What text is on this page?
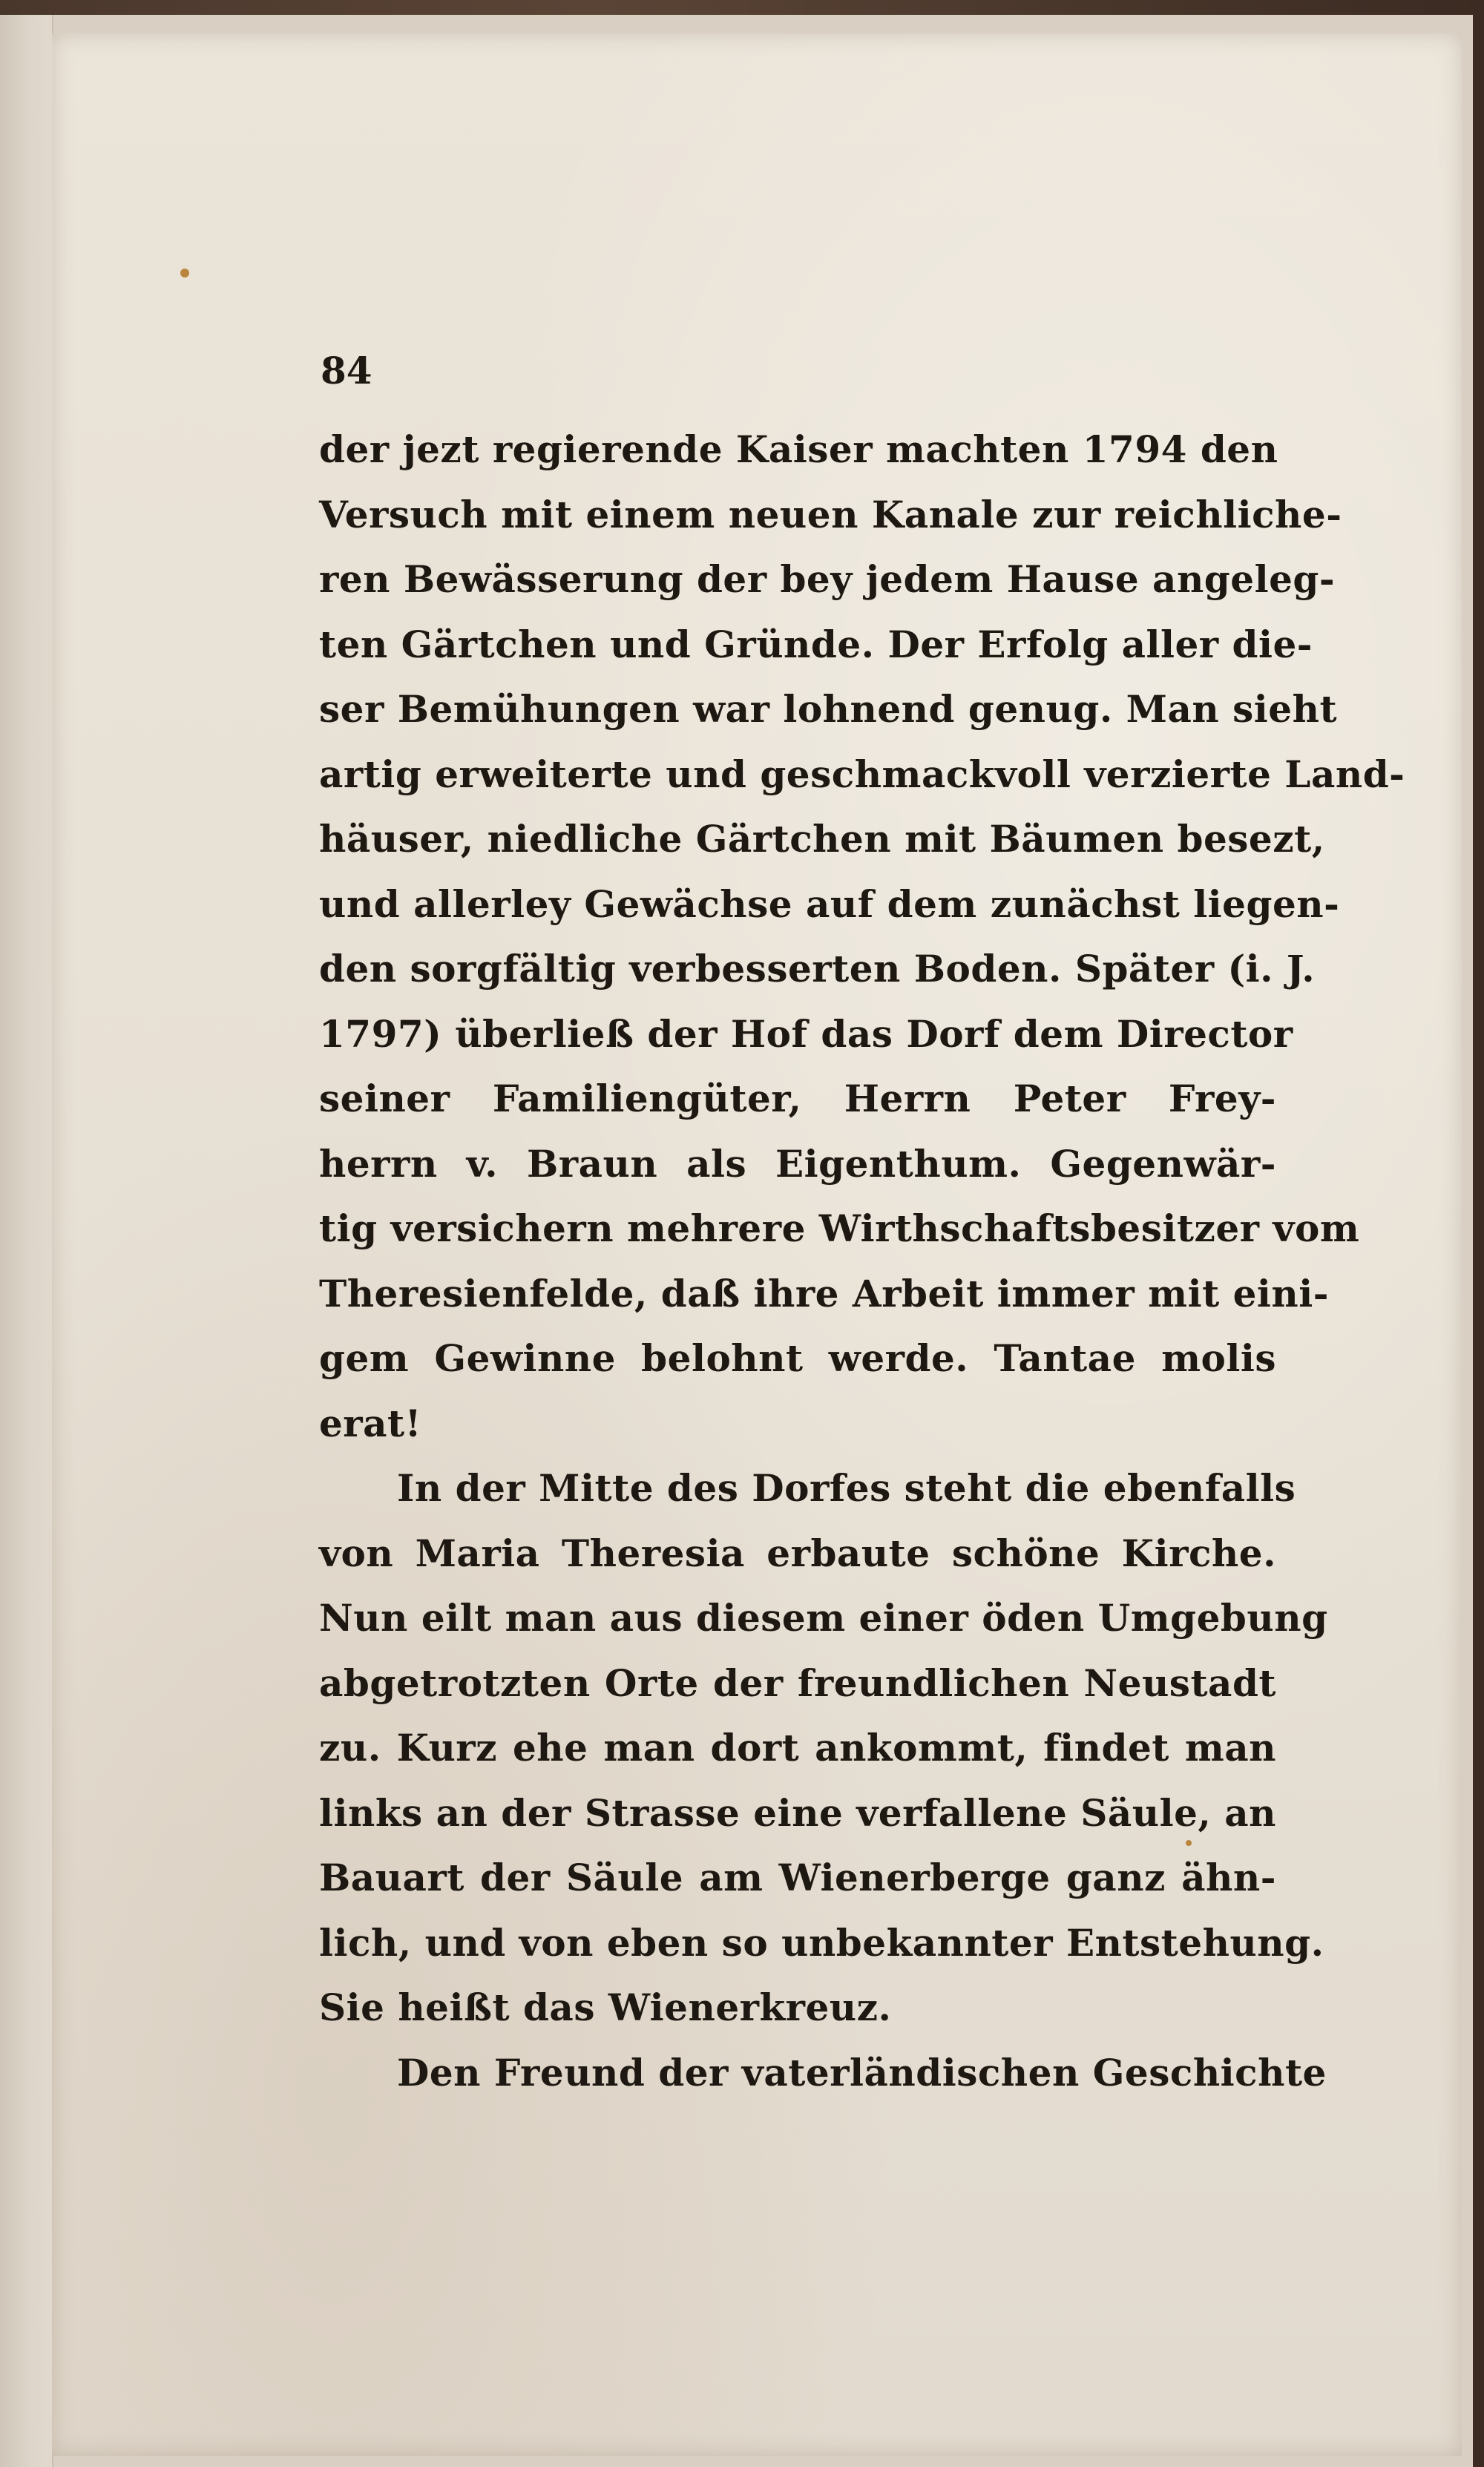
84
der jezt regierende Kaiser machten 1794 den
Versuch mit einem neuen Kanale zur reichliche-
ren Bewässerung der bey jedem Hause angeleg-
ten Gärtchen und Gründe. Der Erfolg aller die-
ser Bemühungen war lohnend genug. Man sieht
artig erweiterte und geschmackvoll verzierte Land-
häuser, niedliche Gärtchen mit Bäumen besezt,
und allerley Gewächse auf dem zunächst liegen-
den sorgfältig verbesserten Boden. Später (i. J.
1797) überließ der Hof das Dorf dem Director
seiner Familiengüter, Herrn Peter Frey-
herrn v. Braun als Eigenthum. Gegenwär-
tig versichern mehrere Wirthschaftsbesitzer vom
Theresienfelde, daß ihre Arbeit immer mit eini-
gem Gewinne belohnt werde. Tantae molis
erat!
In der Mitte des Dorfes steht die ebenfalls
von Maria Theresia erbaute schöne Kirche.
Nun eilt man aus diesem einer öden Umgebung
abgetrotzten Orte der freundlichen Neustadt
zu. Kurz ehe man dort ankommt, findet man
links an der Strasse eine verfallene Säule, an
Bauart der Säule am Wienerberge ganz ähn-
lich, und von eben so unbekannter Entstehung.
Sie heißt das Wienerkreuz.
Den Freund der vaterländischen Geschichte
